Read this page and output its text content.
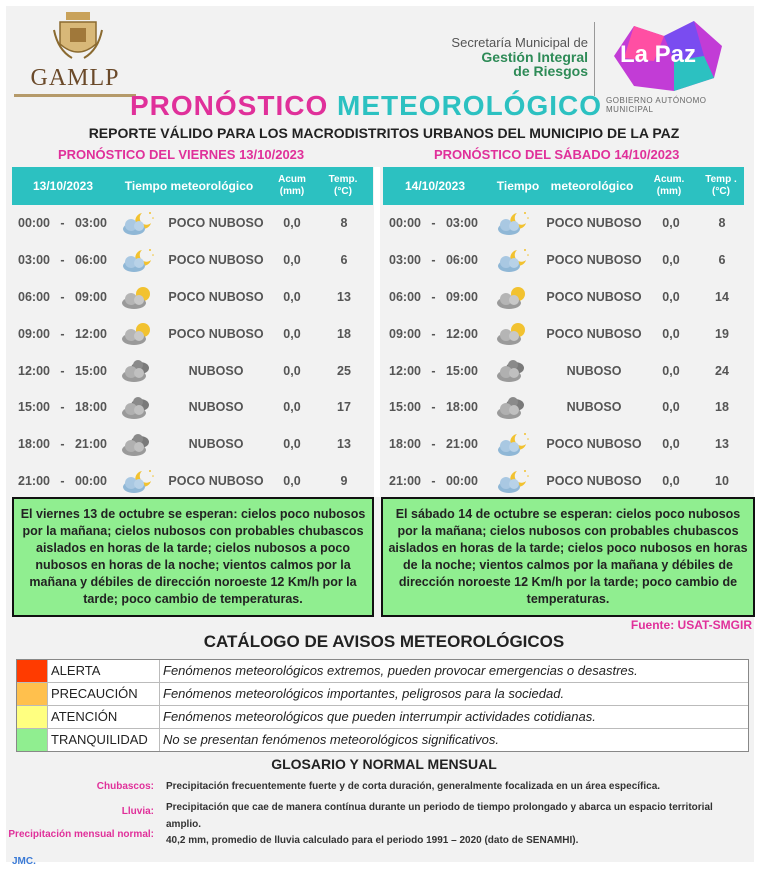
GAMLP
Secretaría Municipal de
Gestión Integral
de Riesgos
La Paz
GOBIERNO AUTÓNOMO MUNICIPAL
PRONÓSTICO METEOROLÓGICO
REPORTE VÁLIDO PARA LOS MACRODISTRITOS URBANOS DEL MUNICIPIO DE LA PAZ
PRONÓSTICO DEL VIERNES 13/10/2023	PRONÓSTICO DEL SÁBADO 14/10/2023
13/10/2023	Tiempo meteorológico	Acum
(mm)
Temp.
(°C)
00:00   -   03:00	POCO NUBOSO	0,0	8
03:00   -   06:00	POCO NUBOSO	0,0	6
06:00   -   09:00	POCO NUBOSO	0,0	13
09:00   -   12:00	POCO NUBOSO	0,0	18
12:00   -   15:00	NUBOSO	0,0	25
15:00   -   18:00	NUBOSO	0,0	17
18:00   -   21:00	NUBOSO	0,0	13
21:00   -   00:00	POCO NUBOSO	0,0	9
14/10/2023	Tiempo meteorológico	Acum.
(mm)
Temp .
(°C)
00:00   -   03:00	POCO NUBOSO	0,0	8
03:00   -   06:00	POCO NUBOSO	0,0	6
06:00   -   09:00	POCO NUBOSO	0,0	14
09:00   -   12:00	POCO NUBOSO	0,0	19
12:00   -   15:00	NUBOSO	0,0	24
15:00   -   18:00	NUBOSO	0,0	18
18:00   -   21:00	POCO NUBOSO	0,0	13
21:00   -   00:00	POCO NUBOSO	0,0	10
El viernes 13 de octubre se esperan: cielos poco nubosos por la mañana; cielos nubosos con probables chubascos aislados en horas de la tarde; cielos nubosos a poco nubosos en horas de la noche; vientos calmos por la mañana y débiles de dirección noroeste 12 Km/h por la tarde; poco cambio de temperaturas.
El sábado 14 de octubre se esperan: cielos poco nubosos por la mañana; cielos nubosos con probables chubascos aislados en horas de la tarde; cielos poco nubosos en horas de la noche; vientos calmos por la mañana y débiles de dirección noroeste 12 Km/h por la tarde; poco cambio de temperaturas.
Fuente: USAT-SMGIR
CATÁLOGO DE AVISOS METEOROLÓGICOS
ALERTA	Fenómenos meteorológicos extremos, pueden provocar emergencias o desastres.
PRECAUCIÓN	Fenómenos meteorológicos importantes, peligrosos para la sociedad.
ATENCIÓN	Fenómenos meteorológicos que pueden interrumpir actividades cotidianas.
TRANQUILIDAD	No se presentan fenómenos meteorológicos significativos.
GLOSARIO Y NORMAL MENSUAL
Chubascos: Precipitación frecuentemente fuerte y de corta duración, generalmente focalizada en un área específica.
Lluvia: Precipitación que cae de manera contínua durante un periodo de tiempo prolongado y abarca un espacio territorial amplio.
Precipitación mensual normal:
40,2 mm, promedio de lluvia calculado para el periodo 1991 – 2020 (dato de SENAMHI).
JMC.
